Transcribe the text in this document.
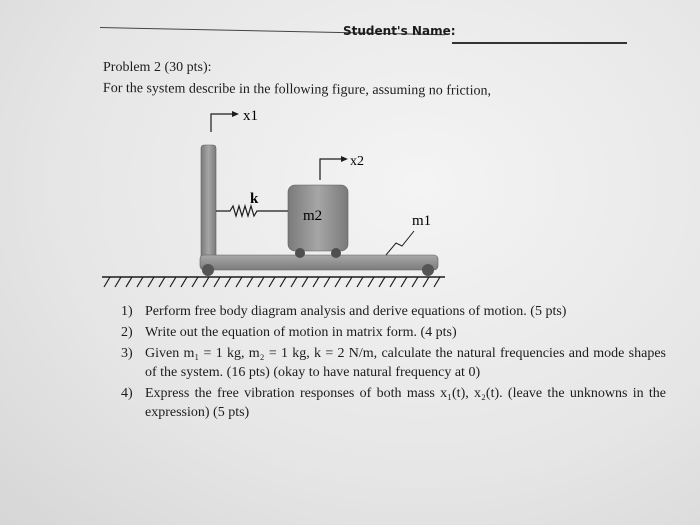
Student's Name:
Problem 2 (30 pts):
For the system describe in the following figure, assuming no friction,
x1
x2
k
m2	m1
1) Perform free body diagram analysis and derive equations of motion. (5 pts)
2) Write out the equation of motion in matrix form. (4 pts)
3) Given m₁ = 1 kg, m₂ = 1 kg, k = 2 N/m, calculate the natural frequencies and mode shapes of the system. (16 pts) (okay to have natural frequency at 0)
4) Express the free vibration responses of both mass x₁(t), x₂(t). (leave the unknowns in the expression) (5 pts)
